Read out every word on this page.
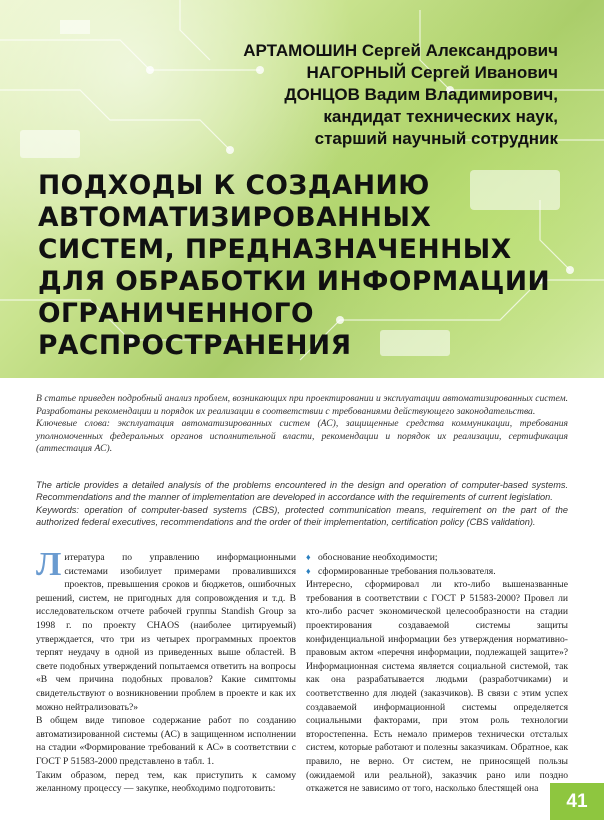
АРТАМОШИН Сергей Александрович
НАГОРНЫЙ Сергей Иванович
ДОНЦОВ Вадим Владимирович,
кандидат технических наук,
старший научный сотрудник
ПОДХОДЫ К СОЗДАНИЮ
АВТОМАТИЗИРОВАННЫХ
СИСТЕМ, ПРЕДНАЗНАЧЕННЫХ
ДЛЯ ОБРАБОТКИ ИНФОРМАЦИИ
ОГРАНИЧЕННОГО
РАСПРОСТРАНЕНИЯ

В статье приведен подробный анализ проблем, возникающих при проектировании и эксплуатации автоматизированных систем. Разработаны рекомендации и порядок их реализации в соответствии с требованиями действующего законодательства.

Ключевые слова: эксплуатация автоматизированных систем (АС), защищенные средства коммуникации, требования уполномоченных федеральных органов исполнительной власти, рекомендации и порядок их реализации, сертификация (аттестация АС).

The article provides a detailed analysis of the problems encountered in the design and operation of computer-based systems. Recommendations and the manner of implementation are developed in accordance with the requirements of current legislation.

Keywords: operation of computer-based systems (CBS), protected communication means, requirement on the part of the authorized federal executives, recommendations and the order of their implementation, certification policy (CBS validation).

Литература по управлению информационными системами изобилует примерами провалившихся проектов, превышения сроков и бюджетов, ошибочных решений, систем, не пригодных для сопровождения и т.д. В исследовательском отчете рабочей группы Standish Group за 1998 г. по проекту CHAOS (наиболее цитируемый) утверждается, что три из четырех программных проектов терпят неудачу в одной из приведенных выше областей. В свете подобных утверждений попытаемся ответить на вопросы «В чем причина подобных провалов? Какие симптомы свидетельствуют о возникновении проблем в проекте и как их можно нейтрализовать?»

В общем виде типовое содержание работ по созданию автоматизированной системы (АС) в защищенном исполнении на стадии «Формирование требований к АС» в соответствии с ГОСТ Р 51583-2000 представлено в табл. 1.

Таким образом, перед тем, как приступить к самому желанному процессу — закупке, необходимо подготовить:

♦ обоснование необходимости;
♦ сформированные требования пользователя.

Интересно, сформировал ли кто-либо вышеназванные требования в соответствии с ГОСТ Р 51583-2000? Провел ли кто-либо расчет экономической целесообразности на стадии проектирования создаваемой системы защиты конфиденциальной информации без утверждения нормативно-правовым актом «перечня информации, подлежащей защите»? Информационная система является социальной системой, так как она разрабатывается людьми (разработчиками) и соответственно для людей (заказчиков). В связи с этим успех создаваемой информационной системы определяется социальными факторами, при этом роль технологии второстепенна. Есть немало примеров технически отсталых систем, которые работают и полезны заказчикам. Обратное, как правило, не верно. От систем, не приносящей пользы (ожидаемой или реальной), заказчик рано или поздно откажется не зависимо от того, насколько блестящей она

41
